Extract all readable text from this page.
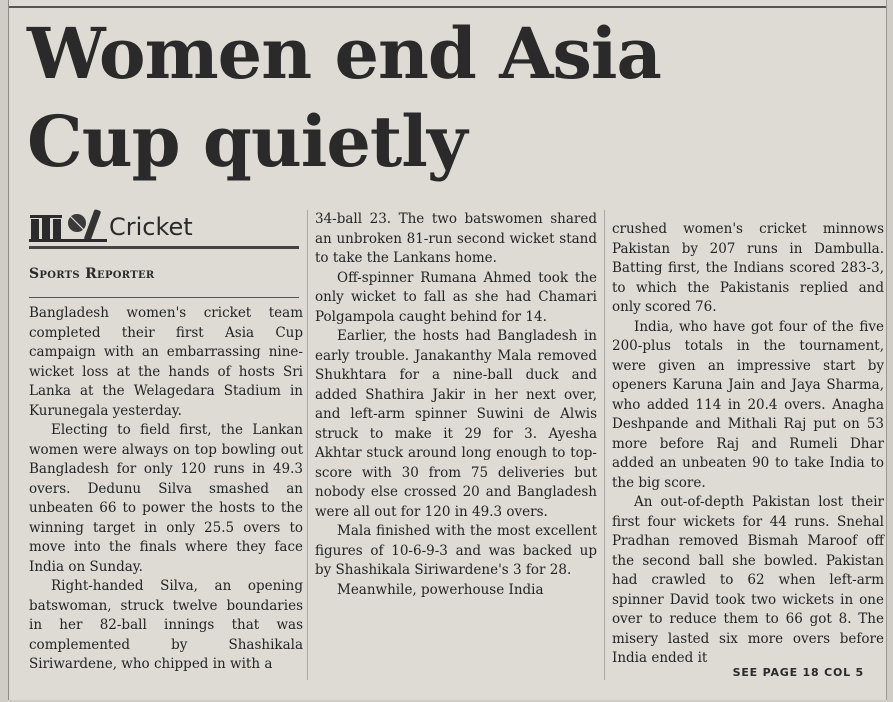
Women end Asia
Cup quietly
Cricket
Sports Reporter

Bangladesh women's cricket team completed their first Asia Cup campaign with an embarrassing nine-wicket loss at the hands of hosts Sri Lanka at the Welagedara Stadium in Kurunegala yesterday.

Electing to field first, the Lankan women were always on top bowling out Bangladesh for only 120 runs in 49.3 overs. Dedunu Silva smashed an unbeaten 66 to power the hosts to the winning target in only 25.5 overs to move into the finals where they face India on Sunday.

Right-handed Silva, an opening batswoman, struck twelve boundaries in her 82-ball innings that was complemented by Shashikala Siriwardene, who chipped in with a

34-ball 23. The two batswomen shared an unbroken 81-run second wicket stand to take the Lankans home.

Off-spinner Rumana Ahmed took the only wicket to fall as she had Chamari Polgampola caught behind for 14.

Earlier, the hosts had Bangladesh in early trouble. Janakanthy Mala removed Shukhtara for a nine-ball duck and added Shathira Jakir in her next over, and left-arm spinner Suwini de Alwis struck to make it 29 for 3. Ayesha Akhtar stuck around long enough to top-score with 30 from 75 deliveries but nobody else crossed 20 and Bangladesh were all out for 120 in 49.3 overs.

Mala finished with the most excellent figures of 10-6-9-3 and was backed up by Shashikala Siriwardene's 3 for 28.

Meanwhile, powerhouse India

crushed women's cricket minnows Pakistan by 207 runs in Dambulla. Batting first, the Indians scored 283-3, to which the Pakistanis replied and only scored 76.

India, who have got four of the five 200-plus totals in the tournament, were given an impressive start by openers Karuna Jain and Jaya Sharma, who added 114 in 20.4 overs. Anagha Deshpande and Mithali Raj put on 53 more before Raj and Rumeli Dhar added an unbeaten 90 to take India to the big score.

An out-of-depth Pakistan lost their first four wickets for 44 runs. Snehal Pradhan removed Bismah Maroof off the second ball she bowled. Pakistan had crawled to 62 when left-arm spinner David took two wickets in one over to reduce them to 66 got 8. The misery lasted six more overs before India ended it

SEE PAGE 18 COL 5
